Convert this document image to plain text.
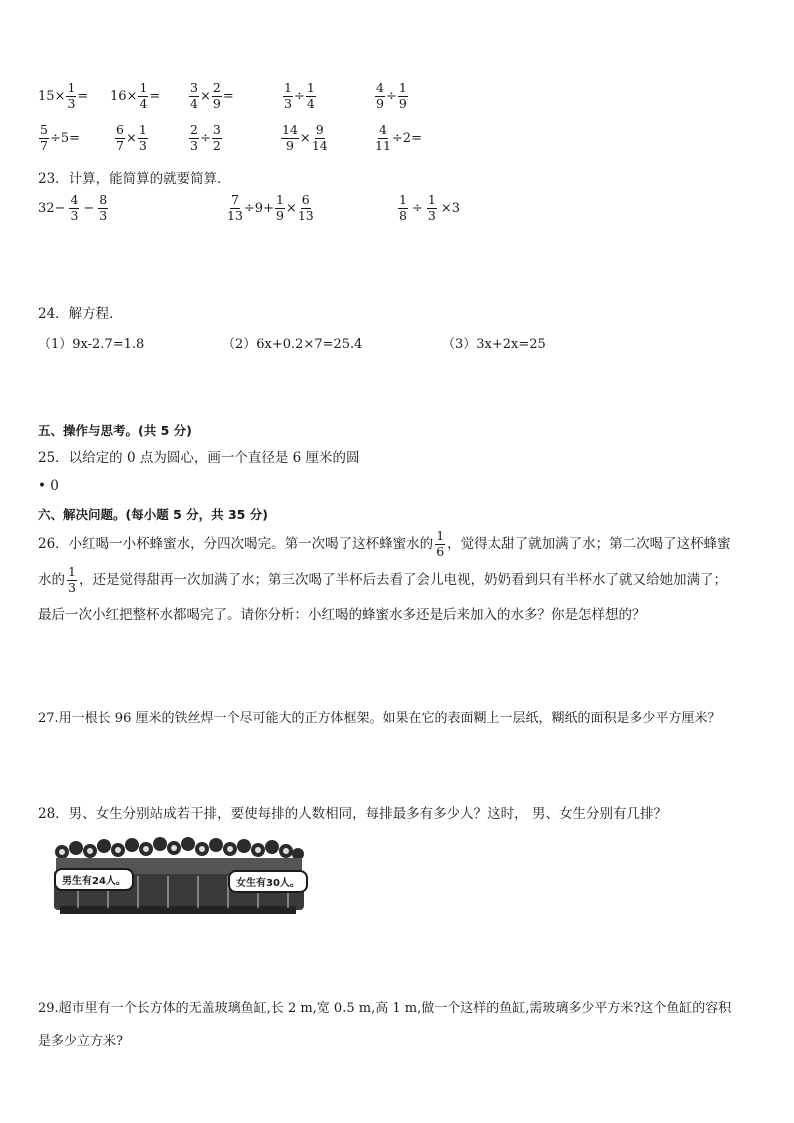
$15\times \frac{1}{3} = 16\times \frac{1}{4} = \frac{3}{4} \times \frac{2}{9}$ =	$\frac{1}{3} \div \frac{1}{4}$	$\frac{4}{9} \div \frac{1}{9}$
$\frac{5}{7} \div 5=$	$\frac{6}{7} \times \frac{1}{3}$	$\frac{2}{3} \div \frac{3}{2}$	$\frac{14}{9} \times \frac{9}{14}$	$\frac{4}{11} \div 2=$
23．计算，能简算的就要简算．
$32- \frac{4}{3} - \frac{8}{3}$	$\frac{7}{13} \div 9+ \frac{1}{9} \times \frac{6}{13}$	$\frac{1}{8} \div \frac{1}{3} \times 3$
24．解方程．
（1）9x-2.7=1.8	（2）6x+0.2×7=25.4	（3）3x+2x=25
五、操作与思考。(共 5 分)
25．以给定的 0 点为圆心，画一个直径是 6 厘米的圆
• 0
六、解决问题。(每小题 5 分，共 35 分)
26．小红喝一小杯蜂蜜水，分四次喝完。第一次喝了这杯蜂蜜水的 $\frac{1}{6}$ ，觉得太甜了就加满了水；第二次喝了这杯蜂蜜
水的 $\frac{1}{3}$ ，还是觉得甜再一次加满了水；第三次喝了半杯后去看了会儿电视，奶奶看到只有半杯水了就又给她加满了；
最后一次小红把整杯水都喝完了。请你分析：小红喝的蜂蜜水多还是后来加入的水多？你是怎样想的？
27.用一根长 96 厘米的铁丝焊一个尽可能大的正方体框架。如果在它的表面糊上一层纸，糊纸的面积是多少平方厘米？
28．男、女生分别站成若干排，要使每排的人数相同，每排最多有多少人？这时， 男、女生分别有几排？
男生有24人。	女生有30人。
29.超市里有一个长方体的无盖玻璃鱼缸,长 2 m,宽 0.5 m,高 1 m,做一个这样的鱼缸,需玻璃多少平方米?这个鱼缸的容积
是多少立方米?
